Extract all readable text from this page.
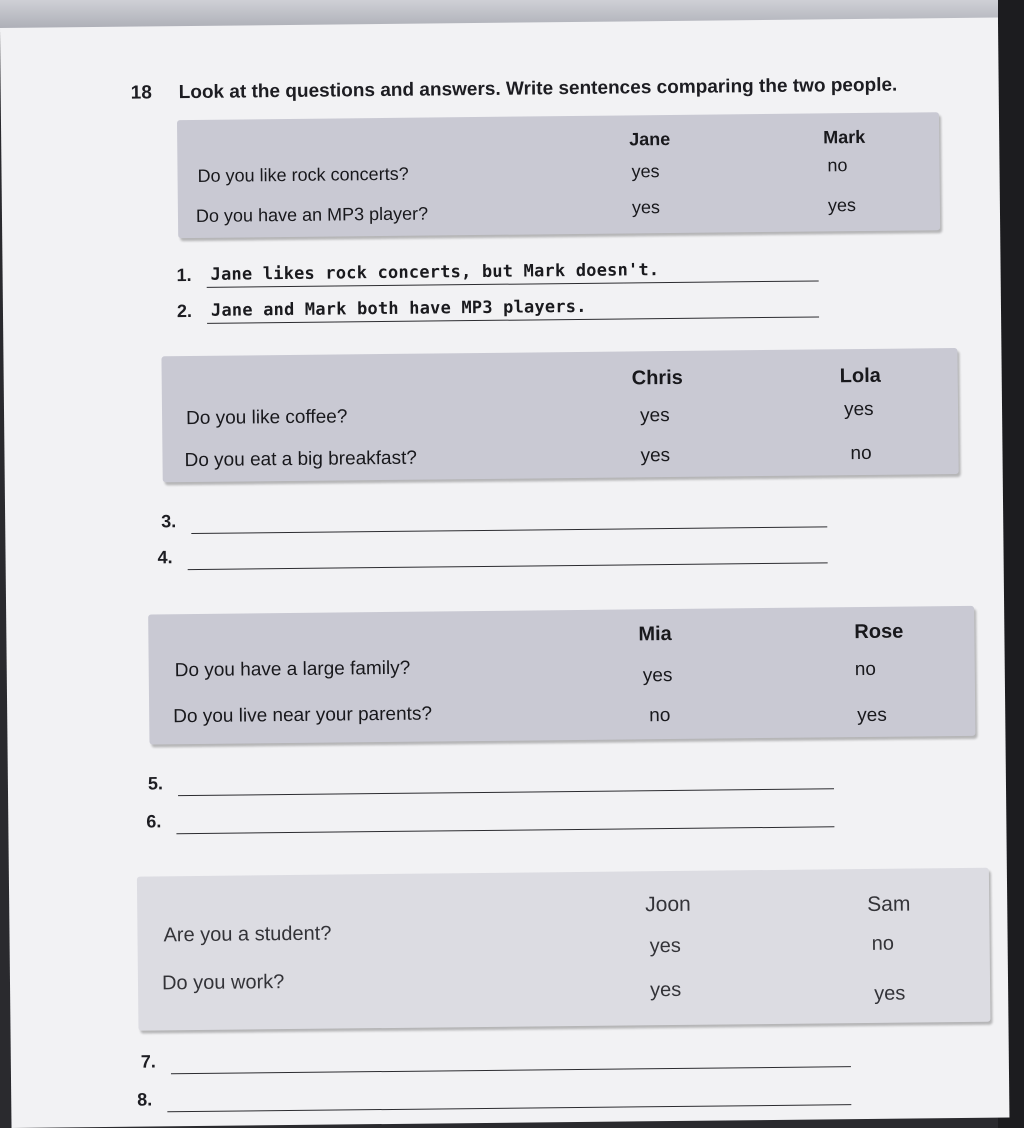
18 Look at the questions and answers. Write sentences comparing the two people.
Jane	Mark
Do you like rock concerts?	yes	no
Do you have an MP3 player?	yes	yes
1. Jane likes rock concerts, but Mark doesn't.
2. Jane and Mark both have MP3 players.
Chris	Lola
Do you like coffee?	yes	yes
Do you eat a big breakfast?	yes	no
3.
4.
Mia	Rose
Do you have a large family?	yes	no
Do you live near your parents?	no	yes
5.
6.
Joon	Sam
Are you a student?	yes	no
Do you work?	yes	yes
7.
8.
